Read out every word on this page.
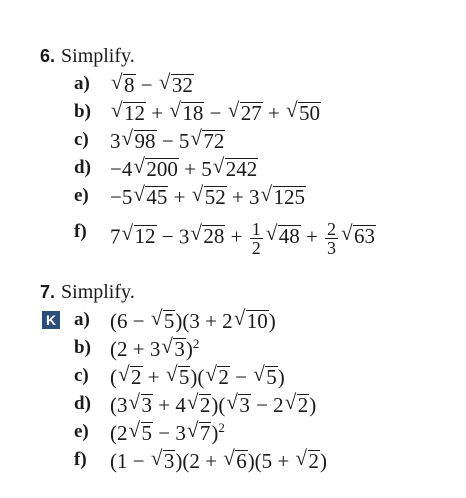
6. Simplify.
a)	√ 8 − √ 32
b)	√ 12 + √ 18 − √ 27 + √ 50
c) 3 √ 98 − 5 √ 72
d) −4 √ 200 + 5 √ 242
e) −5 √ 45 + √ 52 + 3 √ 125
f) 7 √ 12 − 3 √ $28 + \frac{1}{2}$ √ $48 + \frac{2}{3}$ √ 63
7. Simplify.
K a) (6 − √ 5)(3 + 2 √ 10)
b) (2 + 3 √ 3)$^2$
c) ( √ 2 + √ 5)( √ 2 − √ 5)
d) (3 √ 3 + 4 √ 2)( √ 3 − 2 √ 2)
e) (2 √ 5 − 3 √ 7)$^2$
f) (1 − √ 3)(2 + √ 6)(5 + √ 2)
